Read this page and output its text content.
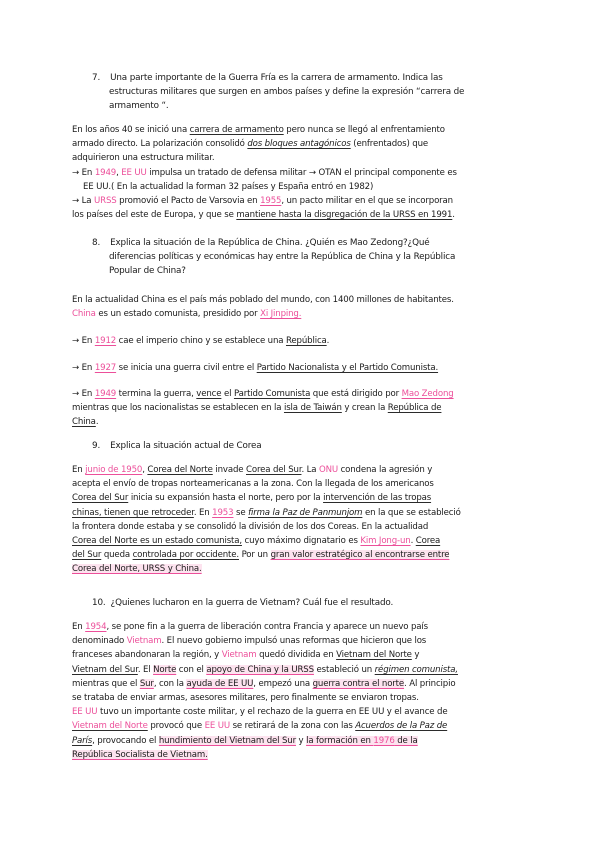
7. Una parte importante de la Guerra Fría es la carrera de armamento. Indica las
estructuras militares que surgen en ambos países y define la expresión “carrera de
armamento “.
En los años 40 se inició una carrera de armamento pero nunca se llegó al enfrentamiento
armado directo. La polarización consolidó dos bloques antagónicos (enfrentados) que
adquirieron una estructura militar.
→ En 1949, EE UU impulsa un tratado de defensa militar → OTAN el principal componente es
EE UU.( En la actualidad la forman 32 países y España entró en 1982)
→ La URSS promovió el Pacto de Varsovia en 1955, un pacto militar en el que se incorporan
los países del este de Europa, y que se mantiene hasta la disgregación de la URSS en 1991.
8. Explica la situación de la República de China. ¿Quién es Mao Zedong?¿Qué
diferencias políticas y económicas hay entre la República de China y la República
Popular de China?
En la actualidad China es el país más poblado del mundo, con 1400 millones de habitantes.
China es un estado comunista, presidido por Xi Jinping.
→ En 1912 cae el imperio chino y se establece una República.
→ En 1927 se inicia una guerra civil entre el Partido Nacionalista y el Partido Comunista.
→ En 1949 termina la guerra, vence el Partido Comunista que está dirigido por Mao Zedong
mientras que los nacionalistas se establecen en la isla de Taiwán y crean la República de
China.
9. Explica la situación actual de Corea
En junio de 1950, Corea del Norte invade Corea del Sur. La ONU condena la agresión y
acepta el envío de tropas norteamericanas a la zona. Con la llegada de los americanos
Corea del Sur inicia su expansión hasta el norte, pero por la intervención de las tropas
chinas, tienen que retroceder. En 1953 se firma la Paz de Panmunjom en la que se estableció
la frontera donde estaba y se consolidó la división de los dos Coreas. En la actualidad
Corea del Norte es un estado comunista, cuyo máximo dignatario es Kim Jong-un. Corea
del Sur queda controlada por occidente. Por un gran valor estratégico al encontrarse entre
Corea del Norte, URSS y China.
10. ¿Quienes lucharon en la guerra de Vietnam? Cuál fue el resultado.
En 1954, se pone fin a la guerra de liberación contra Francia y aparece un nuevo país
denominado Vietnam. El nuevo gobierno impulsó unas reformas que hicieron que los
franceses abandonaran la región, y Vietnam quedó dividida en Vietnam del Norte y
Vietnam del Sur. El Norte con el apoyo de China y la URSS estableció un régimen comunista,
mientras que el Sur, con la ayuda de EE UU, empezó una guerra contra el norte. Al principio
se trataba de enviar armas, asesores militares, pero finalmente se enviaron tropas.
EE UU tuvo un importante coste militar, y el rechazo de la guerra en EE UU y el avance de
Vietnam del Norte provocó que EE UU se retirará de la zona con las Acuerdos de la Paz de
París, provocando el hundimiento del Vietnam del Sur y la formación en 1976 de la
República Socialista de Vietnam.
